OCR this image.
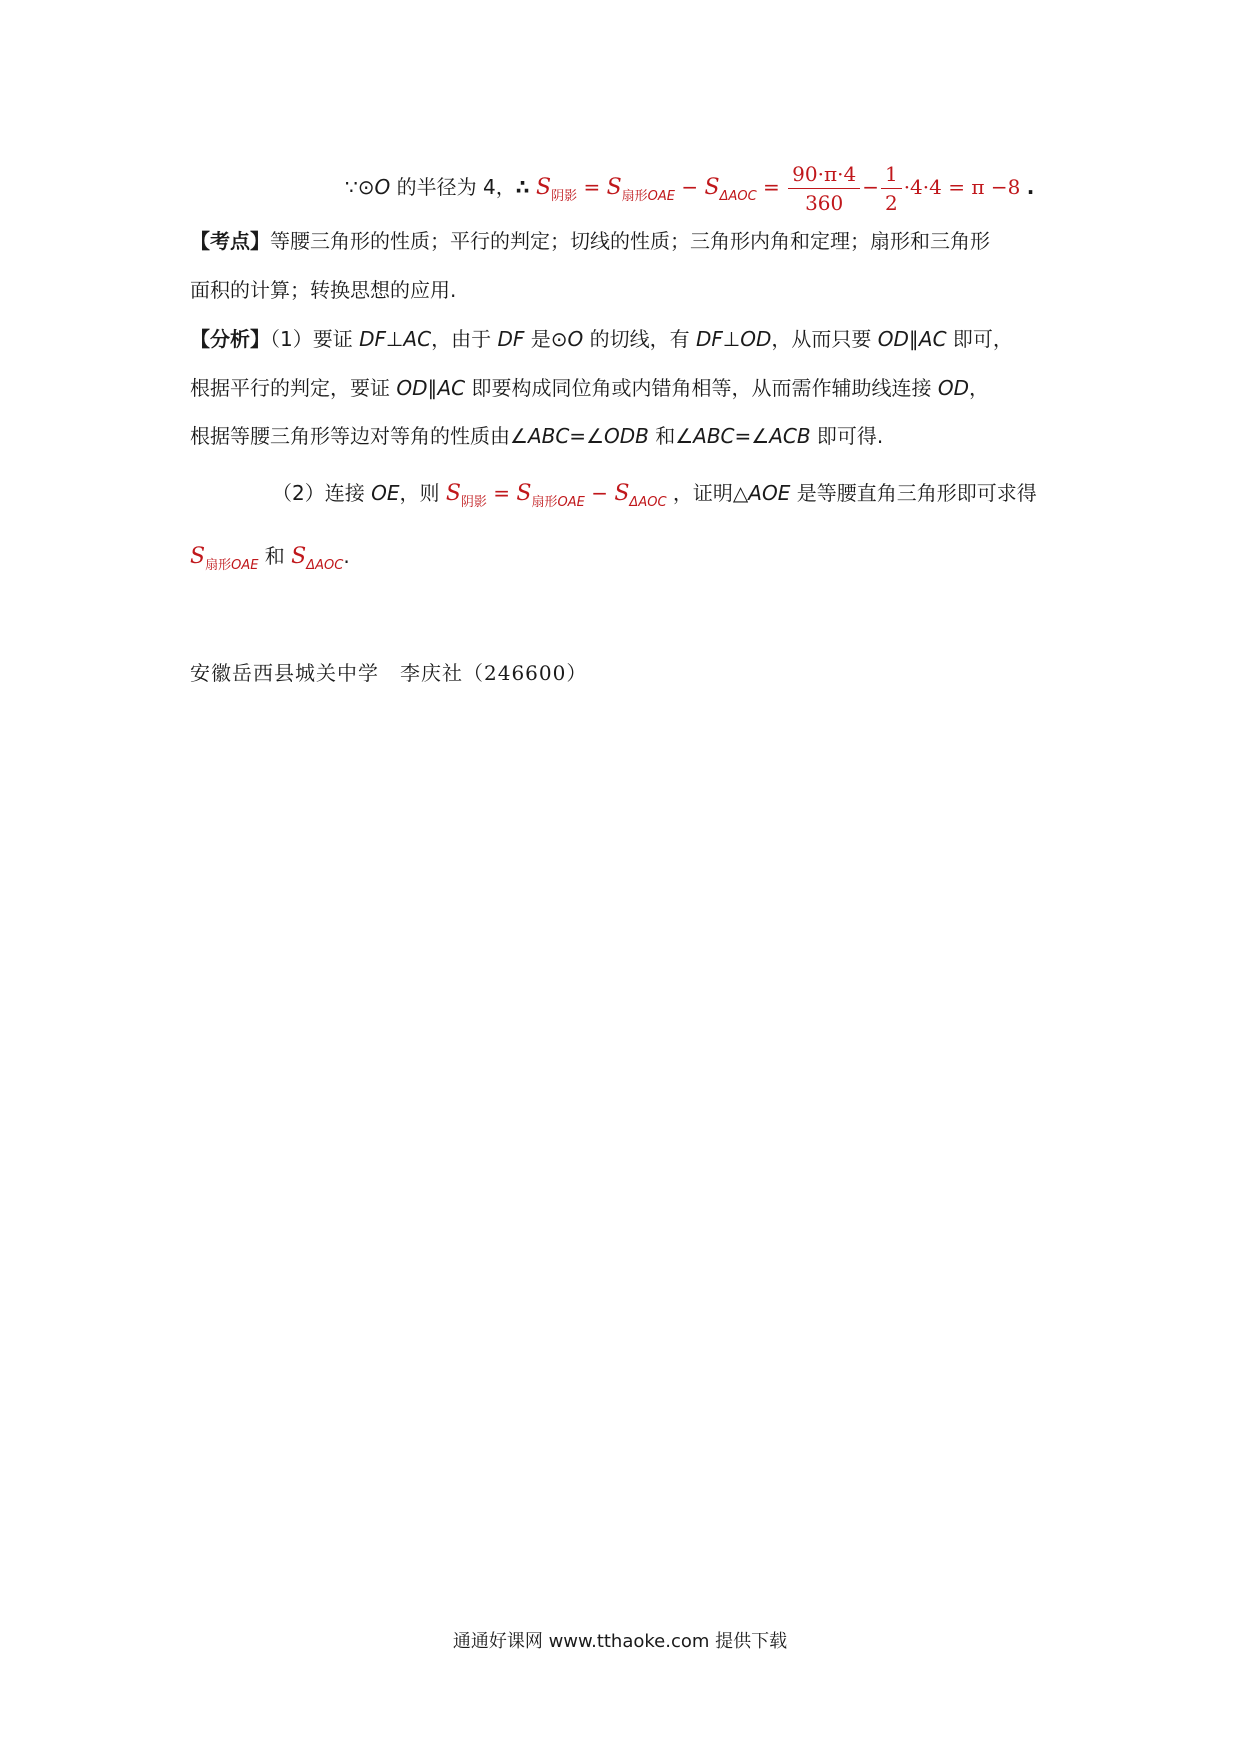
∵⊙O 的半径为 4，∴ $S_{阴影} = S_{扇形OAE} - S_{\Delta AOC} = \frac{90\cdot\pi\cdot 4}{360} - \frac{1}{2} \cdot 4\cdot 4 = \pi -8$ .
【考点】等腰三角形的性质；平行的判定；切线的性质；三角形内角和定理；扇形和三角形
面积的计算；转换思想的应用.
【分析】（1）要证 DF⊥AC，由于 DF 是⊙O 的切线，有 DF⊥OD，从而只要 OD∥AC 即可，
根据平行的判定，要证 OD∥AC 即要构成同位角或内错角相等，从而需作辅助线连接 OD，
根据等腰三角形等边对等角的性质由∠ABC=∠ODB 和∠ABC=∠ACB 即可得.
（2）连接 OE，则 $S_{阴影} = S_{扇形OAE} - S_{\Delta AOC}$ ，证明△AOE 是等腰直角三角形即可求得
$S_{扇形OAE}$ 和 $S_{\Delta AOC}$.
安徽岳西县城关中学　李庆社（246600）
通通好课网 www.tthaoke.com 提供下载
